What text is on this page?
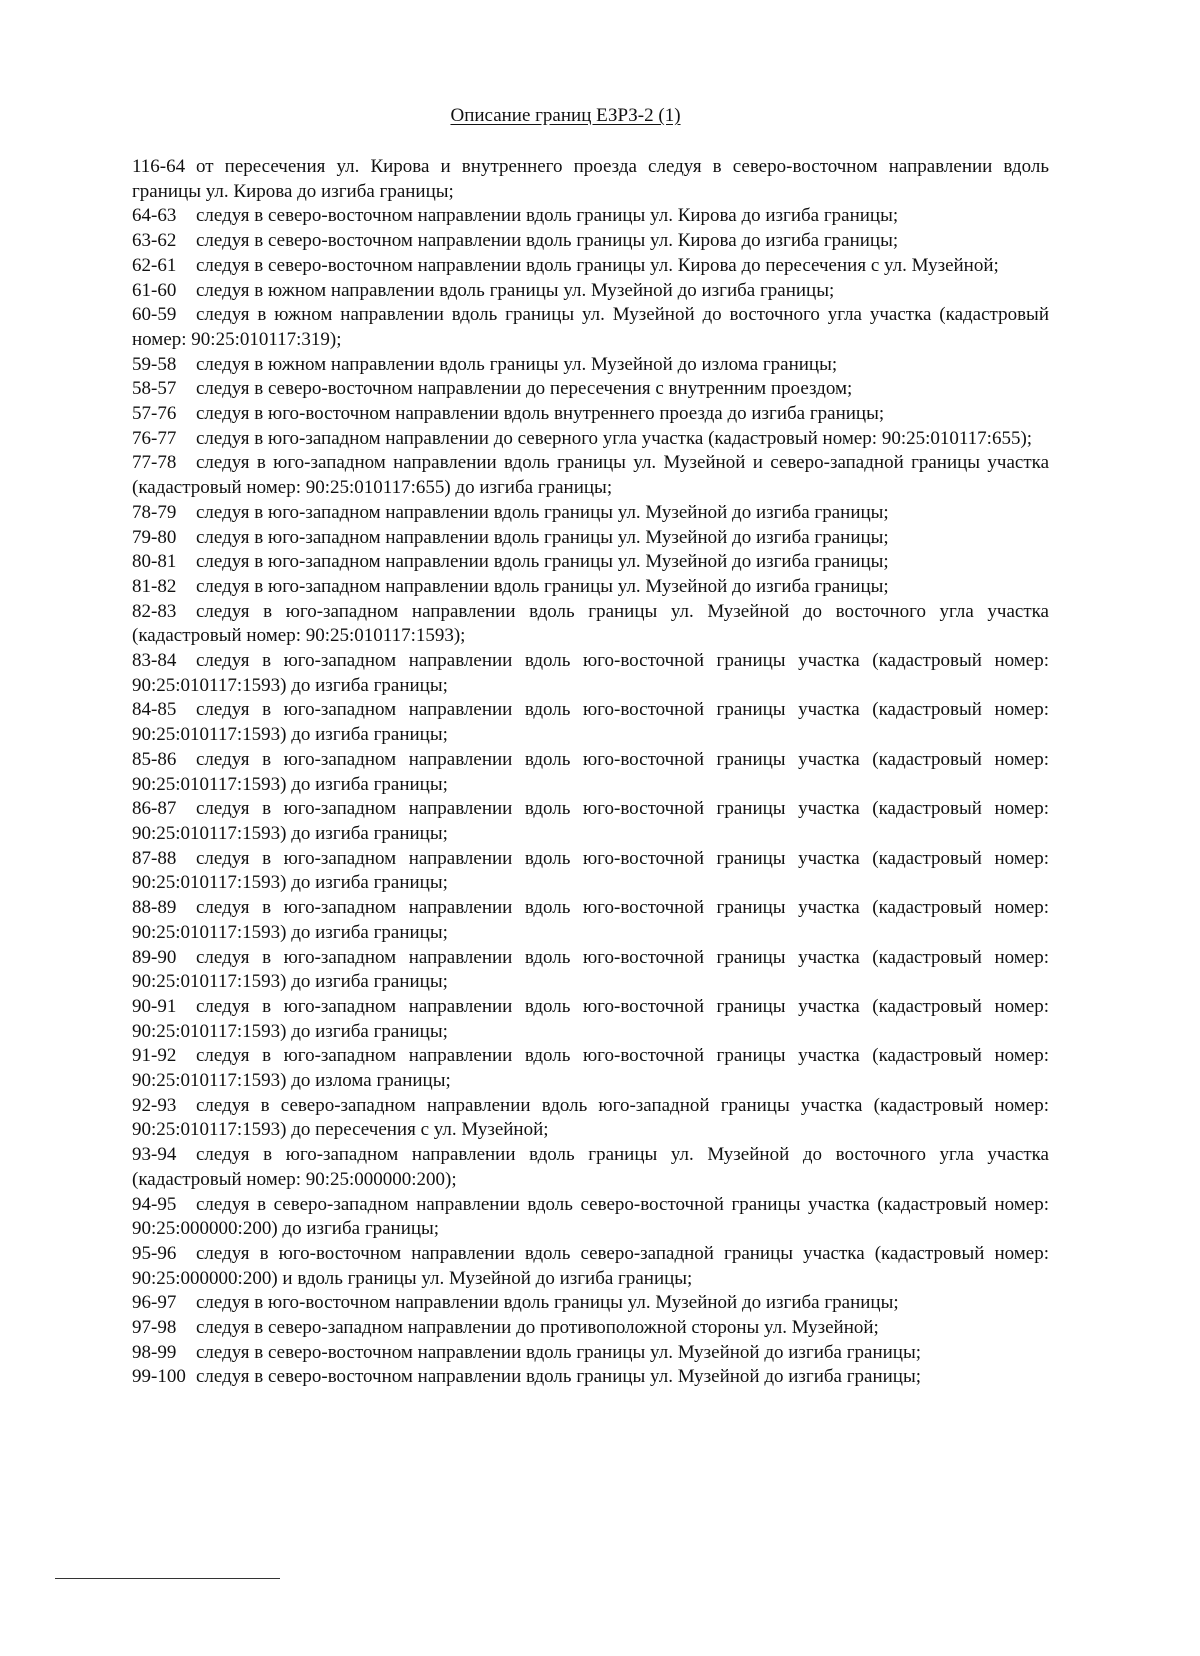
Описание границ ЕЗРЗ-2 (1)

116-64 от пересечения ул. Кирова и внутреннего проезда следуя в северо-восточном направлении вдоль границы ул. Кирова до изгиба границы;

64-63 следуя в северо-восточном направлении вдоль границы ул. Кирова до изгиба границы;

63-62 следуя в северо-восточном направлении вдоль границы ул. Кирова до изгиба границы;

62-61 следуя в северо-восточном направлении вдоль границы ул. Кирова до пересечения с ул. Музейной;

61-60 следуя в южном направлении вдоль границы ул. Музейной до изгиба границы;

60-59 следуя в южном направлении вдоль границы ул. Музейной до восточного угла участка (кадастровый номер: 90:25:010117:319);

59-58 следуя в южном направлении вдоль границы ул. Музейной до излома границы;

58-57 следуя в северо-восточном направлении до пересечения с внутренним проездом;

57-76 следуя в юго-восточном направлении вдоль внутреннего проезда до изгиба границы;

76-77 следуя в юго-западном направлении до северного угла участка (кадастровый номер: 90:25:010117:655);

77-78 следуя в юго-западном направлении вдоль границы ул. Музейной и северо-западной границы участка (кадастровый номер: 90:25:010117:655) до изгиба границы;

78-79 следуя в юго-западном направлении вдоль границы ул. Музейной до изгиба границы;

79-80 следуя в юго-западном направлении вдоль границы ул. Музейной до изгиба границы;

80-81 следуя в юго-западном направлении вдоль границы ул. Музейной до изгиба границы;

81-82 следуя в юго-западном направлении вдоль границы ул. Музейной до изгиба границы;

82-83 следуя в юго-западном направлении вдоль границы ул. Музейной до восточного угла участка (кадастровый номер: 90:25:010117:1593);

83-84 следуя в юго-западном направлении вдоль юго-восточной границы участка (кадастровый номер: 90:25:010117:1593) до изгиба границы;

84-85 следуя в юго-западном направлении вдоль юго-восточной границы участка (кадастровый номер: 90:25:010117:1593) до изгиба границы;

85-86 следуя в юго-западном направлении вдоль юго-восточной границы участка (кадастровый номер: 90:25:010117:1593) до изгиба границы;

86-87 следуя в юго-западном направлении вдоль юго-восточной границы участка (кадастровый номер: 90:25:010117:1593) до изгиба границы;

87-88 следуя в юго-западном направлении вдоль юго-восточной границы участка (кадастровый номер: 90:25:010117:1593) до изгиба границы;

88-89 следуя в юго-западном направлении вдоль юго-восточной границы участка (кадастровый номер: 90:25:010117:1593) до изгиба границы;

89-90 следуя в юго-западном направлении вдоль юго-восточной границы участка (кадастровый номер: 90:25:010117:1593) до изгиба границы;

90-91 следуя в юго-западном направлении вдоль юго-восточной границы участка (кадастровый номер: 90:25:010117:1593) до изгиба границы;

91-92 следуя в юго-западном направлении вдоль юго-восточной границы участка (кадастровый номер: 90:25:010117:1593) до излома границы;

92-93 следуя в северо-западном направлении вдоль юго-западной границы участка (кадастровый номер: 90:25:010117:1593) до пересечения с ул. Музейной;

93-94 следуя в юго-западном направлении вдоль границы ул. Музейной до восточного угла участка (кадастровый номер: 90:25:000000:200);

94-95 следуя в северо-западном направлении вдоль северо-восточной границы участка (кадастровый номер: 90:25:000000:200) до изгиба границы;

95-96 следуя в юго-восточном направлении вдоль северо-западной границы участка (кадастровый номер: 90:25:000000:200) и вдоль границы ул. Музейной до изгиба границы;

96-97 следуя в юго-восточном направлении вдоль границы ул. Музейной до изгиба границы;

97-98 следуя в северо-западном направлении до противоположной стороны ул. Музейной;

98-99 следуя в северо-восточном направлении вдоль границы ул. Музейной до изгиба границы;

99-100 следуя в северо-восточном направлении вдоль границы ул. Музейной до изгиба границы;
